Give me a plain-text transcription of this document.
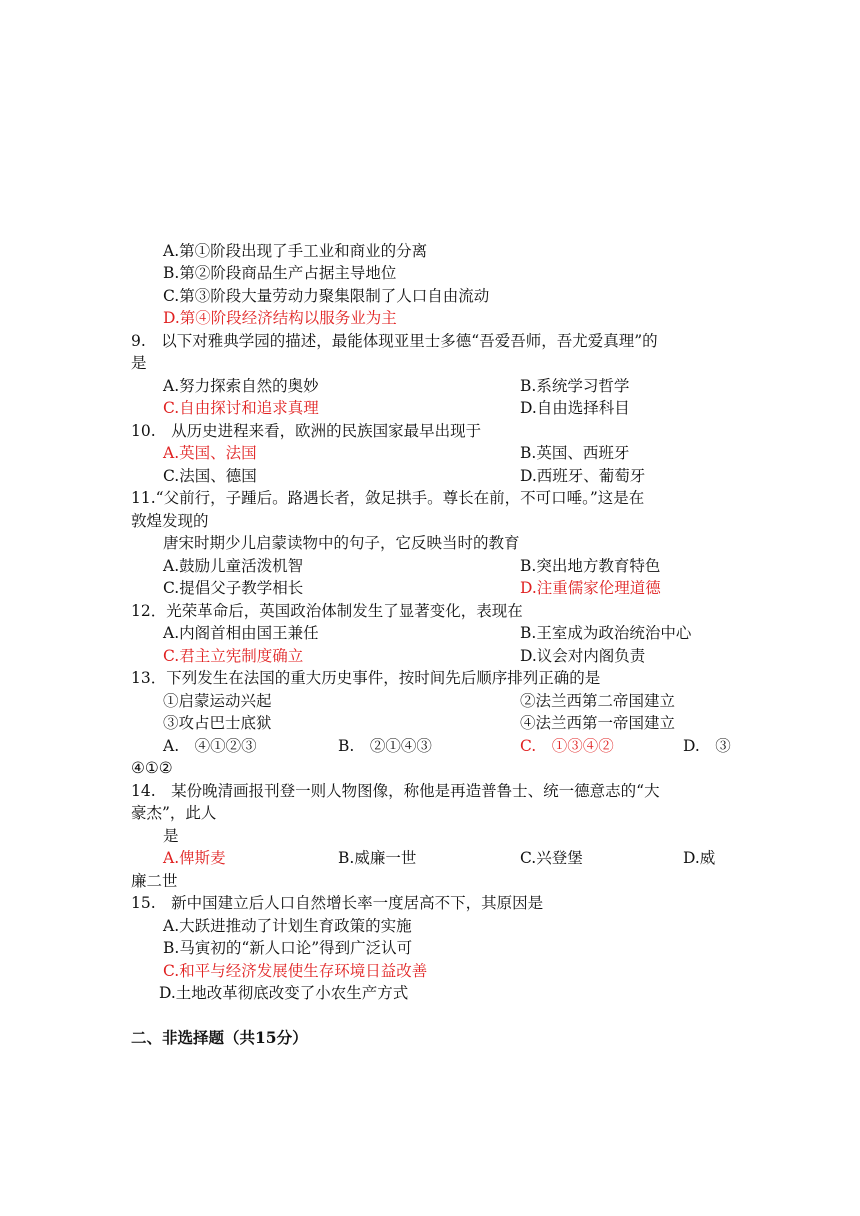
A.第①阶段出现了手工业和商业的分离
B.第②阶段商品生产占据主导地位
C.第③阶段大量劳动力聚集限制了人口自由流动
D.第④阶段经济结构以服务业为主
9.　以下对雅典学园的描述，最能体现亚里士多德“吾爱吾师，吾尤爱真理”的
是
A.努力探索自然的奥妙	B.系统学习哲学
C.自由探讨和追求真理	D.自由选择科目
10.　从历史进程来看，欧洲的民族国家最早出现于
A.英国、法国	B.英国、西班牙
C.法国、德国	D.西班牙、葡萄牙
11.“父前行，子踵后。路遇长者，敛足拱手。尊长在前，不可口唾。”这是在
敦煌发现的
唐宋时期少儿启蒙读物中的句子，它反映当时的教育
A.鼓励儿童活泼机智	B.突出地方教育特色
C.提倡父子教学相长	D.注重儒家伦理道德
12．光荣革命后，英国政治体制发生了显著变化，表现在
A.内阁首相由国王兼任	B.王室成为政治统治中心
C.君主立宪制度确立	D.议会对内阁负责
13．下列发生在法国的重大历史事件，按时间先后顺序排列正确的是
①启蒙运动兴起	②法兰西第二帝国建立
③攻占巴士底狱	④法兰西第一帝国建立
A.　④①②③	B.　②①④③	C.　①③④②	D.　③
④①②
14.　某份晚清画报刊登一则人物图像，称他是再造普鲁士、统一德意志的“大
豪杰”，此人
是
A.俾斯麦	B.威廉一世	C.兴登堡	D.威
廉二世
15.　新中国建立后人口自然增长率一度居高不下，其原因是
A.大跃进推动了计划生育政策的实施
B.马寅初的“新人口论”得到广泛认可
C.和平与经济发展使生存环境日益改善
D.土地改革彻底改变了小农生产方式
二、非选择题（共15分）
